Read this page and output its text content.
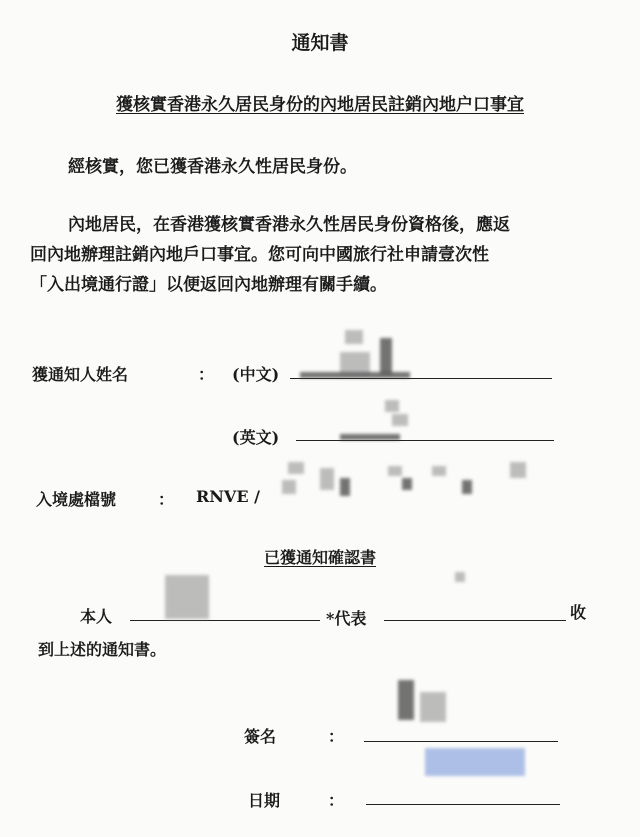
通知書
獲核實香港永久居民身份的內地居民註銷內地户口事宜
經核實，您已獲香港永久性居民身份。
內地居民，在香港獲核實香港永久性居民身份資格後，應返
回內地辦理註銷內地戶口事宜。您可向中國旅行社申請壹次性
「入出境通行證」以便返回內地辦理有關手續。
獲通知人姓名	： (中文)
(英文)
入境處檔號	： RNVE /
已獲通知確認書
本人	*代表	收
到上述的通知書。
簽名	：
日期	：
